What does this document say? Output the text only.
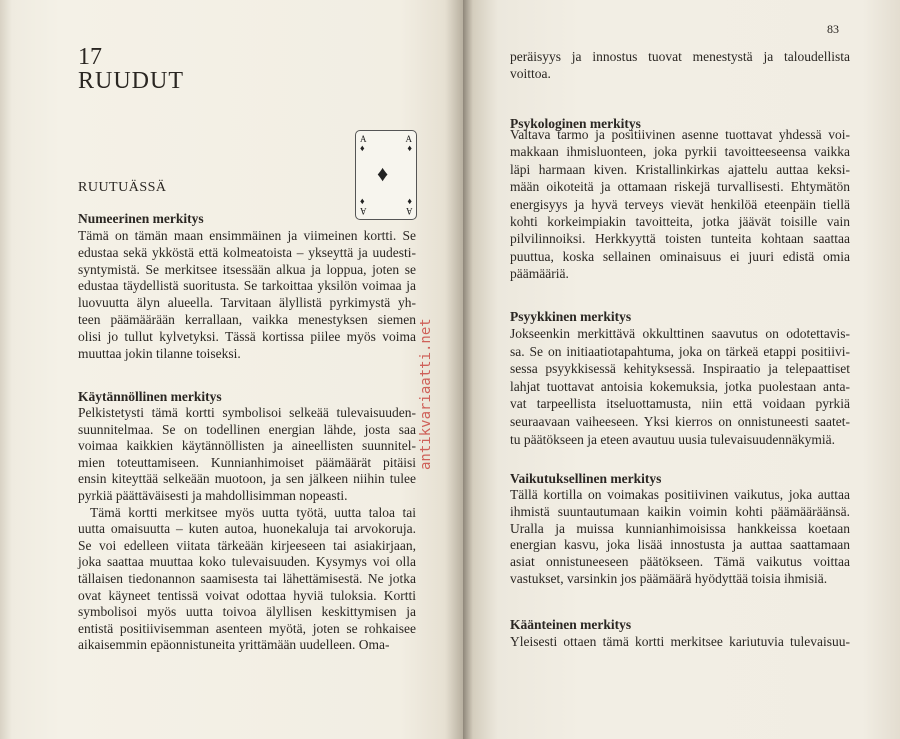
17
RUUDUT
RUUTUÄSSÄ
A	A
♦	♦
♦
♦	♦
A	A
Numeerinen merkitys
Tämä on tämän maan ensimmäinen ja viimeinen kortti. Se
edustaa sekä ykköstä että kolmeatoista – ykseyttä ja uudesti-
syntymistä. Se merkitsee itsessään alkua ja loppua, joten se
edustaa täydellistä suoritusta. Se tarkoittaa yksilön voimaa ja
luovuutta älyn alueella. Tarvitaan älyllistä pyrkimystä yh-
teen päämäärään kerrallaan, vaikka menestyksen siemen
olisi jo tullut kylvetyksi. Tässä kortissa piilee myös voima
muuttaa jokin tilanne toiseksi.
Käytännöllinen merkitys
Pelkistetysti tämä kortti symbolisoi selkeää tulevaisuuden-
suunnitelmaa. Se on todellinen energian lähde, josta saa
voimaa kaikkien käytännöllisten ja aineellisten suunnitel-
mien toteuttamiseen. Kunnianhimoiset päämäärät pitäisi
ensin kiteyttää selkeään muotoon, ja sen jälkeen niihin tulee
pyrkiä päättäväisesti ja mahdollisimman nopeasti.
Tämä kortti merkitsee myös uutta työtä, uutta taloa tai
uutta omaisuutta – kuten autoa, huonekaluja tai arvokoruja.
Se voi edelleen viitata tärkeään kirjeeseen tai asiakirjaan,
joka saattaa muuttaa koko tulevaisuuden. Kysymys voi olla
tällaisen tiedonannon saamisesta tai lähettämisestä. Ne jotka
ovat käyneet tentissä voivat odottaa hyviä tuloksia. Kortti
symbolisoi myös uutta toivoa älyllisen keskittymisen ja
entistä positiivisemman asenteen myötä, joten se rohkaisee
aikaisemmin epäonnistuneita yrittämään uudelleen. Oma-
antikvariaatti.net
83
peräisyys ja innostus tuovat menestystä ja taloudellista
voittoa.
Psykologinen merkitys
Valtava tarmo ja positiivinen asenne tuottavat yhdessä voi-
makkaan ihmisluonteen, joka pyrkii tavoitteeseensa vaikka
läpi harmaan kiven. Kristallinkirkas ajattelu auttaa keksi-
mään oikoteitä ja ottamaan riskejä turvallisesti. Ehtymätön
energisyys ja hyvä terveys vievät henkilöä eteenpäin tiellä
kohti korkeimpiakin tavoitteita, jotka jäävät toisille vain
pilvilinnoiksi. Herkkyyttä toisten tunteita kohtaan saattaa
puuttua, koska sellainen ominaisuus ei juuri edistä omia
päämääriä.
Psyykkinen merkitys
Jokseenkin merkittävä okkulttinen saavutus on odotettavis-
sa. Se on initiaatiotapahtuma, joka on tärkeä etappi positiivi-
sessa psyykkisessä kehityksessä. Inspiraatio ja telepaattiset
lahjat tuottavat antoisia kokemuksia, jotka puolestaan anta-
vat tarpeellista itseluottamusta, niin että voidaan pyrkiä
seuraavaan vaiheeseen. Yksi kierros on onnistuneesti saatet-
tu päätökseen ja eteen avautuu uusia tulevaisuudennäkymiä.
Vaikutuksellinen merkitys
Tällä kortilla on voimakas positiivinen vaikutus, joka auttaa
ihmistä suuntautumaan kaikin voimin kohti päämääräänsä.
Uralla ja muissa kunnianhimoisissa hankkeissa koetaan
energian kasvu, joka lisää innostusta ja auttaa saattamaan
asiat onnistuneeseen päätökseen. Tämä vaikutus voittaa
vastukset, varsinkin jos päämäärä hyödyttää toisia ihmisiä.
Käänteinen merkitys
Yleisesti ottaen tämä kortti merkitsee kariutuvia tulevaisuu-
